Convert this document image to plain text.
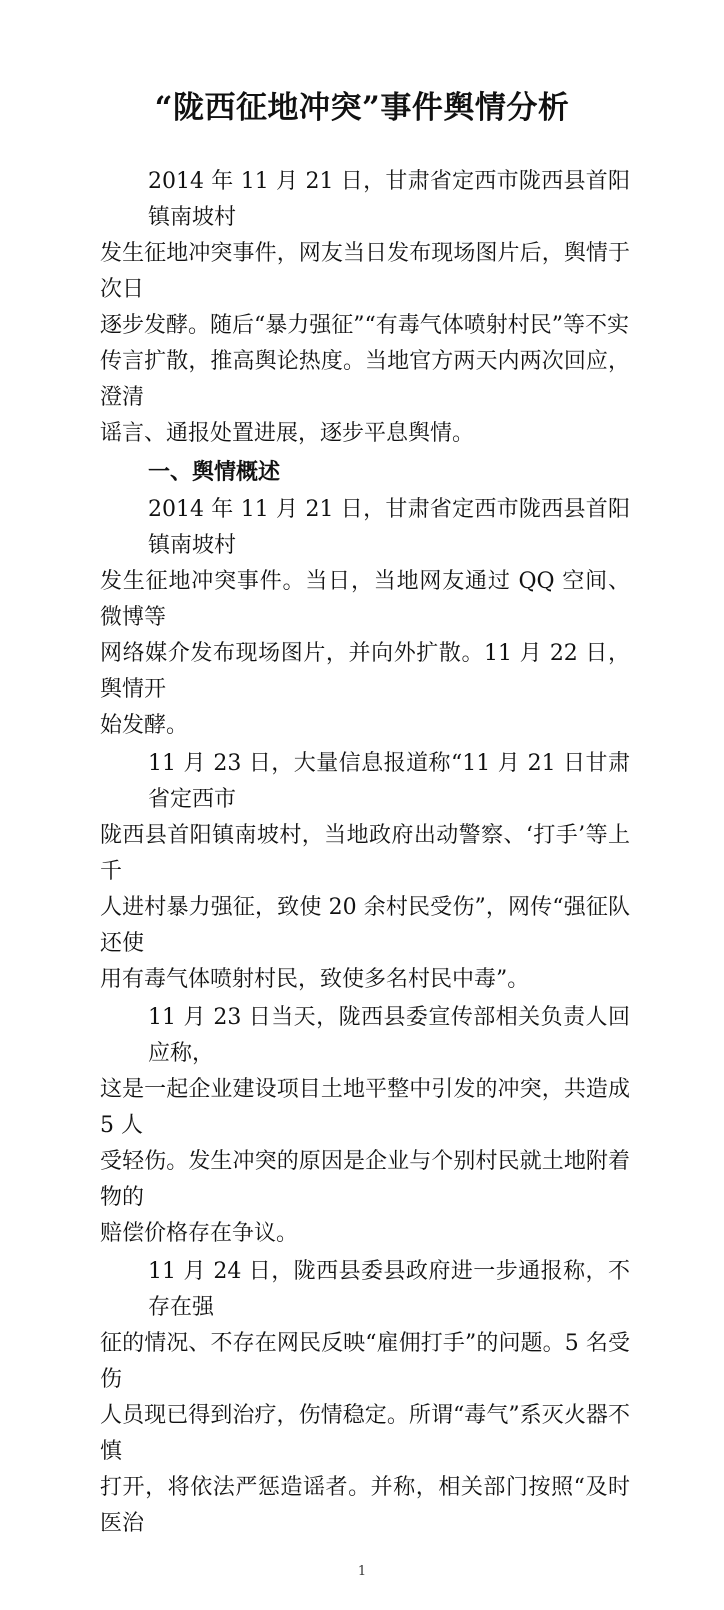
“陇西征地冲突”事件舆情分析
2014 年 11 月 21 日，甘肃省定西市陇西县首阳镇南坡村
发生征地冲突事件，网友当日发布现场图片后，舆情于次日
逐步发酵。随后“暴力强征”“有毒气体喷射村民”等不实
传言扩散，推高舆论热度。当地官方两天内两次回应，澄清
谣言、通报处置进展，逐步平息舆情。
一、舆情概述
2014 年 11 月 21 日，甘肃省定西市陇西县首阳镇南坡村
发生征地冲突事件。当日，当地网友通过 QQ 空间、微博等
网络媒介发布现场图片，并向外扩散。11 月 22 日，舆情开
始发酵。
11 月 23 日，大量信息报道称“11 月 21 日甘肃省定西市
陇西县首阳镇南坡村，当地政府出动警察、‘打手’等上千
人进村暴力强征，致使 20 余村民受伤”，网传“强征队还使
用有毒气体喷射村民，致使多名村民中毒”。
11 月 23 日当天，陇西县委宣传部相关负责人回应称，
这是一起企业建设项目土地平整中引发的冲突，共造成 5 人
受轻伤。发生冲突的原因是企业与个别村民就土地附着物的
赔偿价格存在争议。
11 月 24 日，陇西县委县政府进一步通报称，不存在强
征的情况、不存在网民反映“雇佣打手”的问题。5 名受伤
人员现已得到治疗，伤情稳定。所谓“毒气”系灭火器不慎
打开，将依法严惩造谣者。并称，相关部门按照“及时医治
1
